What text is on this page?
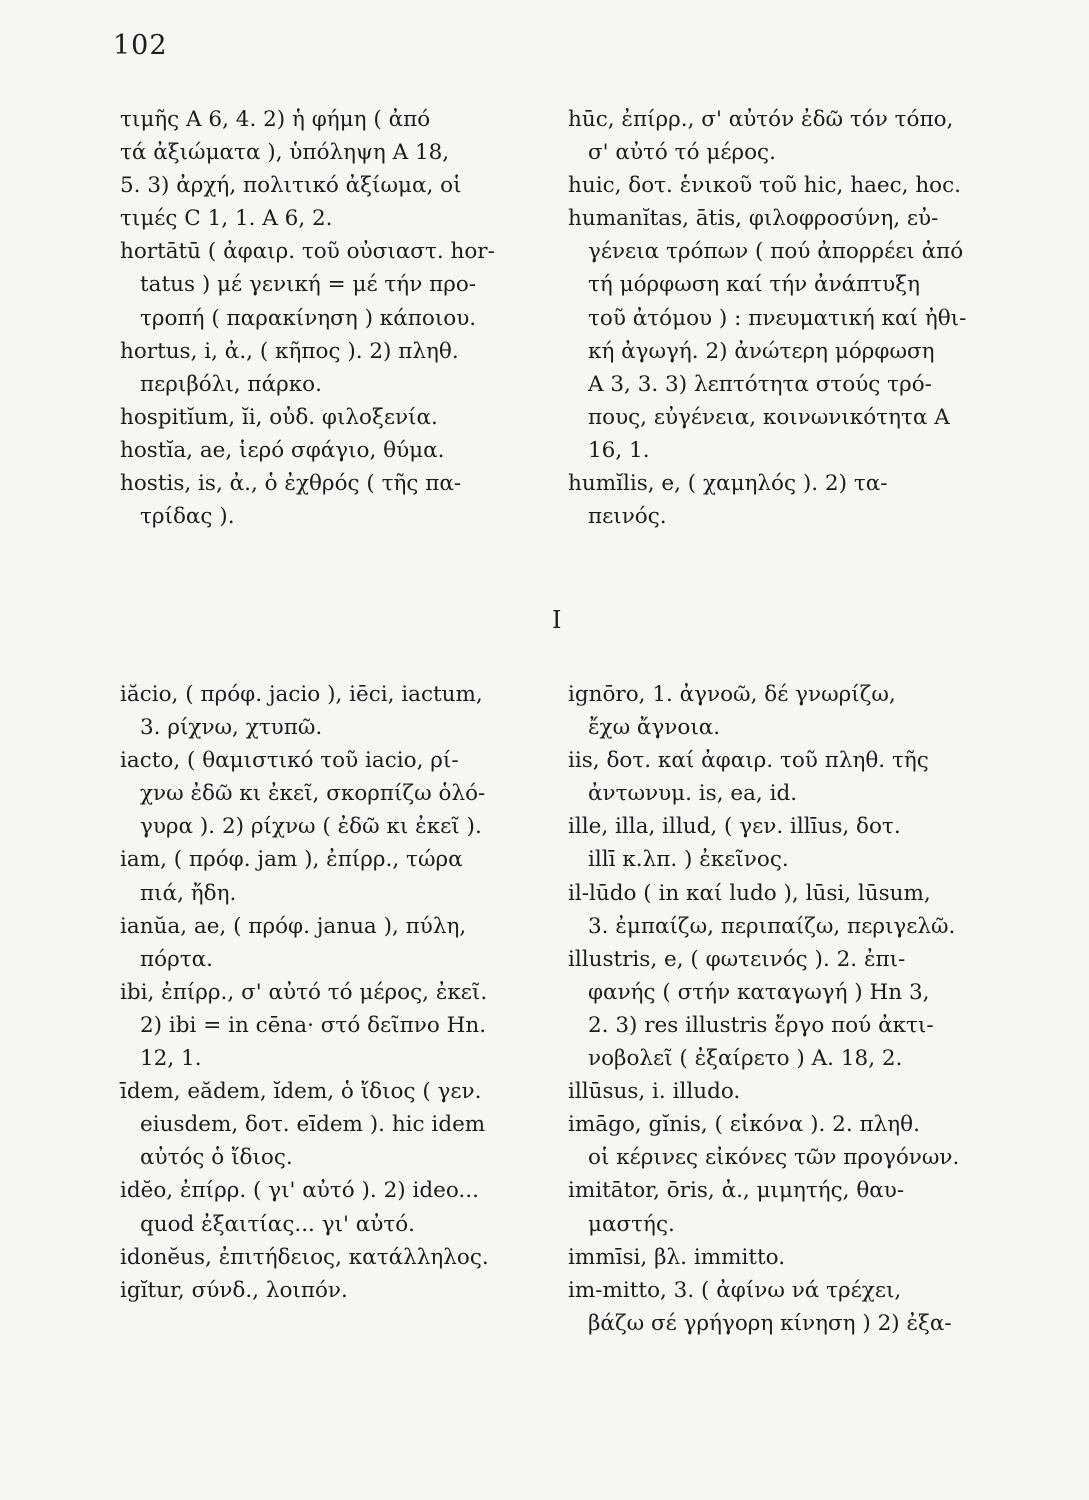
102
τιμῆς Α 6, 4. 2) ἡ φήμη ( ἀπό
τά ἀξιώματα ), ὑπόληψη Α 18,
5. 3) ἀρχή, πολιτικό ἀξίωμα, οἱ
τιμές C 1, 1. A 6, 2.
hortātū ( ἀφαιρ. τοῦ οὐσιαστ. hor-
tatus ) μέ γενική = μέ τήν προ-
τροπή ( παρακίνηση ) κάποιου.
hortus, i, ἀ., ( κῆπος ). 2) πληθ.
περιβόλι, πάρκο.
hospitĭum, ĭi, οὐδ. φιλοξενία.
hostĭa, ae, ἱερό σφάγιο, θύμα.
hostis, is, ἀ., ὁ ἐχθρός ( τῆς πα-
τρίδας ).
hūc, ἐπίρρ., σ' αὐτόν ἐδῶ τόν τόπο,
σ' αὐτό τό μέρος.
huic, δοτ. ἑνικοῦ τοῦ hic, haec, hoc.
humanĭtas, ātis, φιλοφροσύνη, εὐ-
γένεια τρόπων ( πού ἀπορρέει ἀπό
τή μόρφωση καί τήν ἀνάπτυξη
τοῦ ἀτόμου ) : πνευματική καί ἠθι-
κή ἀγωγή. 2) ἀνώτερη μόρφωση
Α 3, 3. 3) λεπτότητα στούς τρό-
πους, εὐγένεια, κοινωνικότητα Α
16, 1.
humĭlis, e, ( χαμηλός ). 2) τα-
πεινός.
I
iăcio, ( πρόφ. jacio ), iēci, iactum,
3. ρίχνω, χτυπῶ.
iacto, ( θαμιστικό τοῦ iacio, ρί-
χνω ἐδῶ κι ἐκεῖ, σκορπίζω ὁλό-
γυρα ). 2) ρίχνω ( ἐδῶ κι ἐκεῖ ).
iam, ( πρόφ. jam ), ἐπίρρ., τώρα
πιά, ἤδη.
ianŭa, ae, ( πρόφ. janua ), πύλη,
πόρτα.
ibi, ἐπίρρ., σ' αὐτό τό μέρος, ἐκεῖ.
2) ibi = in cēna· στό δεῖπνο Hn.
12, 1.
īdem, eădem, ĭdem, ὁ ἴδιος ( γεν.
eiusdem, δοτ. eīdem ). hic idem
αὐτός ὁ ἴδιος.
idĕo, ἐπίρρ. ( γι' αὐτό ). 2) ideo...
quod ἐξαιτίας... γι' αὐτό.
idonĕus, ἐπιτήδειος, κατάλληλος.
igĭtur, σύνδ., λοιπόν.
ignōro, 1. ἀγνοῶ, δέ γνωρίζω,
ἔχω ἄγνοια.
iis, δοτ. καί ἀφαιρ. τοῦ πληθ. τῆς
ἀντωνυμ. is, ea, id.
ille, illa, illud, ( γεν. illīus, δοτ.
illī κ.λπ. ) ἐκεῖνος.
il-lūdo ( in καί ludo ), lūsi, lūsum,
3. ἐμπαίζω, περιπαίζω, περιγελῶ.
illustris, e, ( φωτεινός ). 2. ἐπι-
φανής ( στήν καταγωγή ) Hn 3,
2. 3) res illustris ἔργο πού ἀκτι-
νοβολεῖ ( ἐξαίρετο ) A. 18, 2.
illūsus, i. illudo.
imāgo, gĭnis, ( εἰκόνα ). 2. πληθ.
οἱ κέρινες εἰκόνες τῶν προγόνων.
imitātor, ōris, ἀ., μιμητής, θαυ-
μαστής.
immīsi, βλ. immitto.
im-mitto, 3. ( ἀφίνω νά τρέχει,
βάζω σέ γρήγορη κίνηση ) 2) ἐξα-
